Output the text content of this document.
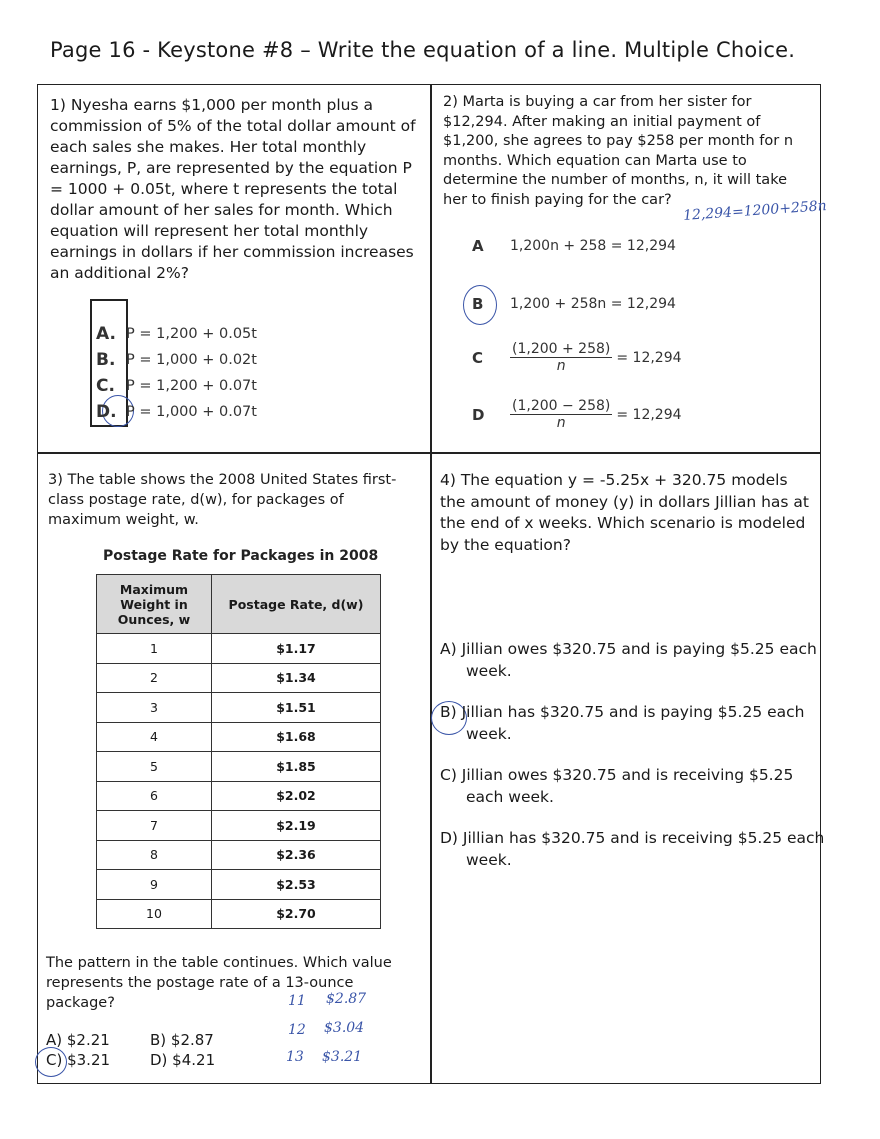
Page 16 - Keystone #8 – Write the equation of a line. Multiple Choice.

1) Nyesha earns $1,000 per month plus a commission of 5% of the total dollar amount of each sales she makes. Her total monthly earnings, P, are represented by the equation P = 1000 + 0.05t, where t represents the total dollar amount of her sales for month. Which equation will represent her total monthly earnings in dollars if her commission increases an additional 2%?

A. P = 1,200 + 0.05t
B. P = 1,000 + 0.02t
C. P = 1,200 + 0.07t
D. P = 1,000 + 0.07t

2) Marta is buying a car from her sister for $12,294. After making an initial payment of $1,200, she agrees to pay $258 per month for n months. Which equation can Marta use to determine the number of months, n, it will take her to finish paying for the car? 12,294=1200+258n
A	1,200n + 258 = 12,294
B	1,200 + 258n = 12,294
C	$\frac{(1,200 + 258)}{n} = 12,294$
D	$\frac{(1,200 - 258)}{n} = 12,294$

3) The table shows the 2008 United States first-class postage rate, d(w), for packages of maximum weight, w.

Postage Rate for Packages in 2008
Maximum Weight in Ounces, w	Postage Rate, d(w)
1	$1.17
2	$1.34
3	$1.51
4	$1.68
5	$1.85
6	$2.02
7	$2.19
8	$2.36
9	$2.53
10	$2.70
The pattern in the table continues. Which value represents the postage rate of a 13-ounce package?
A) $2.21	B) $2.87
C) $3.21	D) $4.21
11 $2.87
12 $3.04
13 $3.21

4) The equation y = -5.25x + 320.75 models the amount of money (y) in dollars Jillian has at the end of x weeks. Which scenario is modeled by the equation?

A) Jillian owes $320.75 and is paying $5.25 each week.
B) Jillian has $320.75 and is paying $5.25 each week.
C) Jillian owes $320.75 and is receiving $5.25 each week.
D) Jillian has $320.75 and is receiving $5.25 each week.
